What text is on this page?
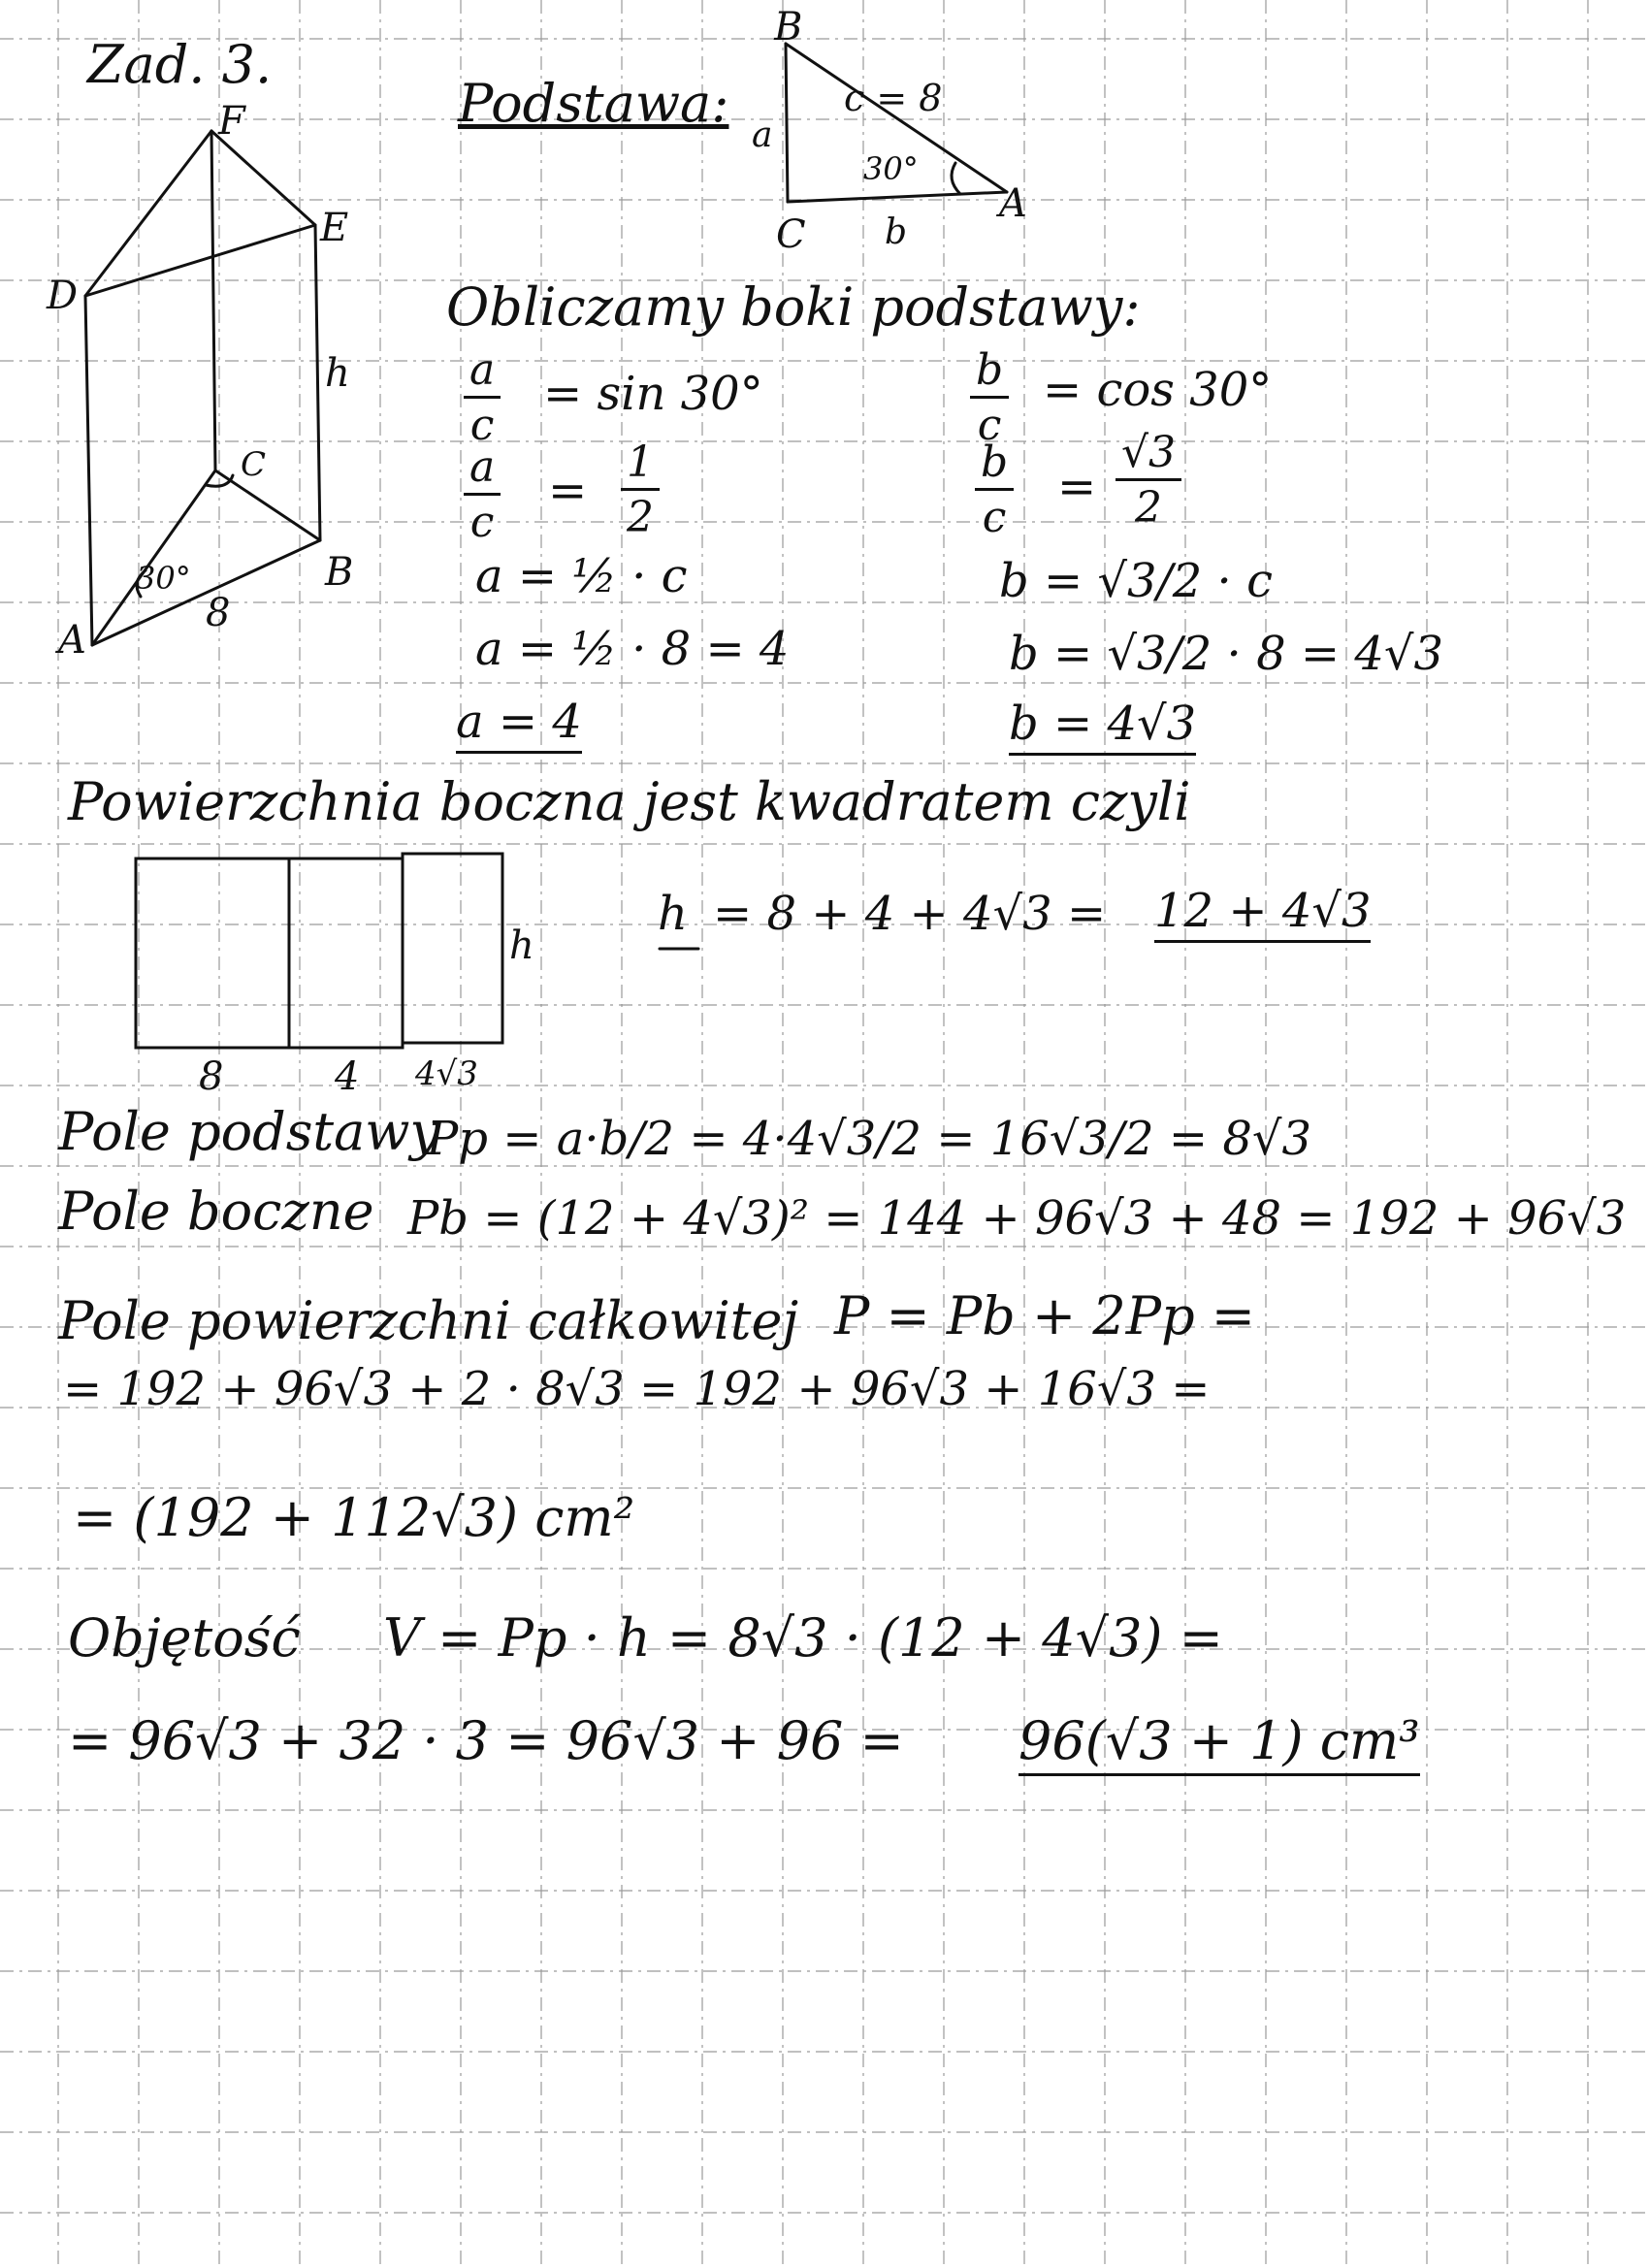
Zad. 3.
F
E
D
h
C
B
A
30°
8
Podstawa:
B
A
C
a
c = 8
30°
b
Obliczamy boki podstawy:
$\frac{a}{c} = \sin 30^\circ$
$\frac{a}{c} = \frac{1}{2}$
a = ½ · c
a = ½ · 8 = 4
a = 4
$\frac{b}{c} = \cos 30^\circ$
$\frac{b}{c} = \frac{√3}{2}$
b = √3/2 · c
b = √3/2 · 8 = 4√3
b = 4√3
Powierzchnia boczna jest kwadratem czyli
h
8	4 4√3
h = 8 + 4 + 4√3 = 12 + 4√3
Pole podstawy
Pp = a·b/2 = 4·4√3/2 = 16√3/2 = 8√3
Pole boczne Pb = (12 + 4√3)² = 144 + 96√3 + 48 = 192 + 96√3
Pole powierzchni całkowitej P = Pb + 2Pp =
= 192 + 96√3 + 2 · 8√3 = 192 + 96√3 + 16√3 =
= (192 + 112√3) cm²
Objętość V = Pp · h = 8√3 · (12 + 4√3) =
= 96√3 + 32 · 3 = 96√3 + 96 = 96(√3 + 1) cm³
